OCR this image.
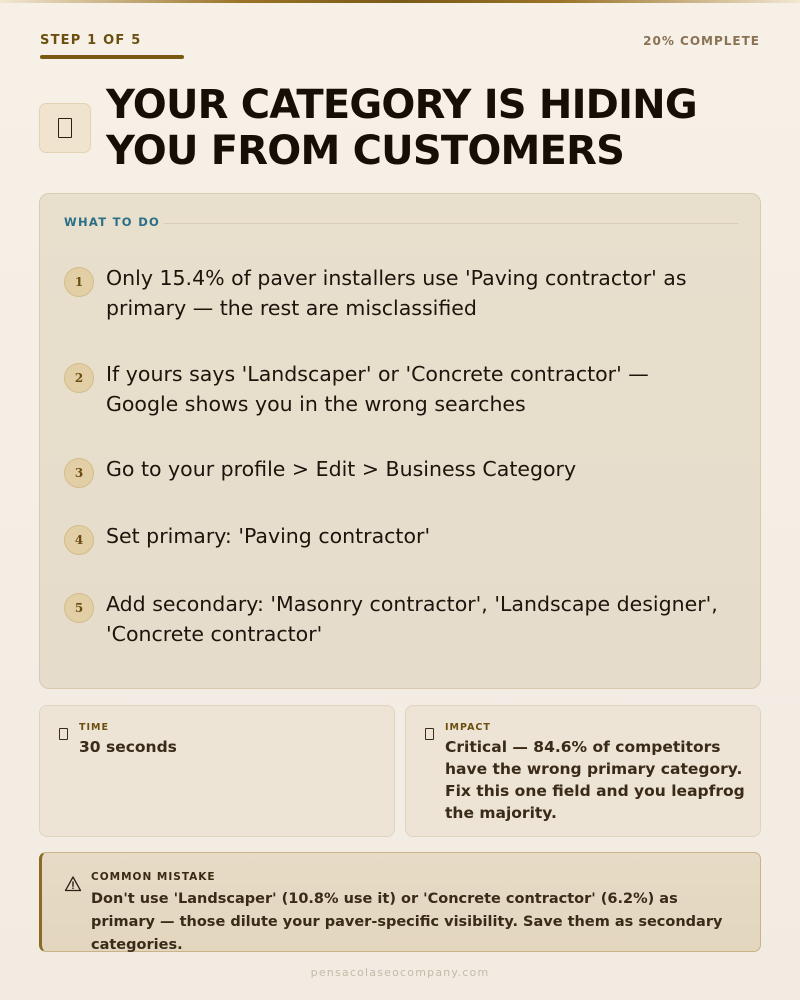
STEP 1 OF 5	20% COMPLETE
YOUR CATEGORY IS HIDING
YOU FROM CUSTOMERS
WHAT TO DO
1	Only 15.4% of paver installers use 'Paving contractor' as primary — the rest are misclassified
2	If yours says 'Landscaper' or 'Concrete contractor' — Google shows you in the wrong searches
3	Go to your profile > Edit > Business Category
4	Set primary: 'Paving contractor'
5	Add secondary: 'Masonry contractor', 'Landscape designer', 'Concrete contractor'
TIME
30 seconds
IMPACT
Critical — 84.6% of competitors have the wrong primary category. Fix this one field and you leapfrog the majority.
COMMON MISTAKE
Don't use 'Landscaper' (10.8% use it) or 'Concrete contractor' (6.2%) as primary — those dilute your paver-specific visibility. Save them as secondary categories.
pensacolaseocompany.com
